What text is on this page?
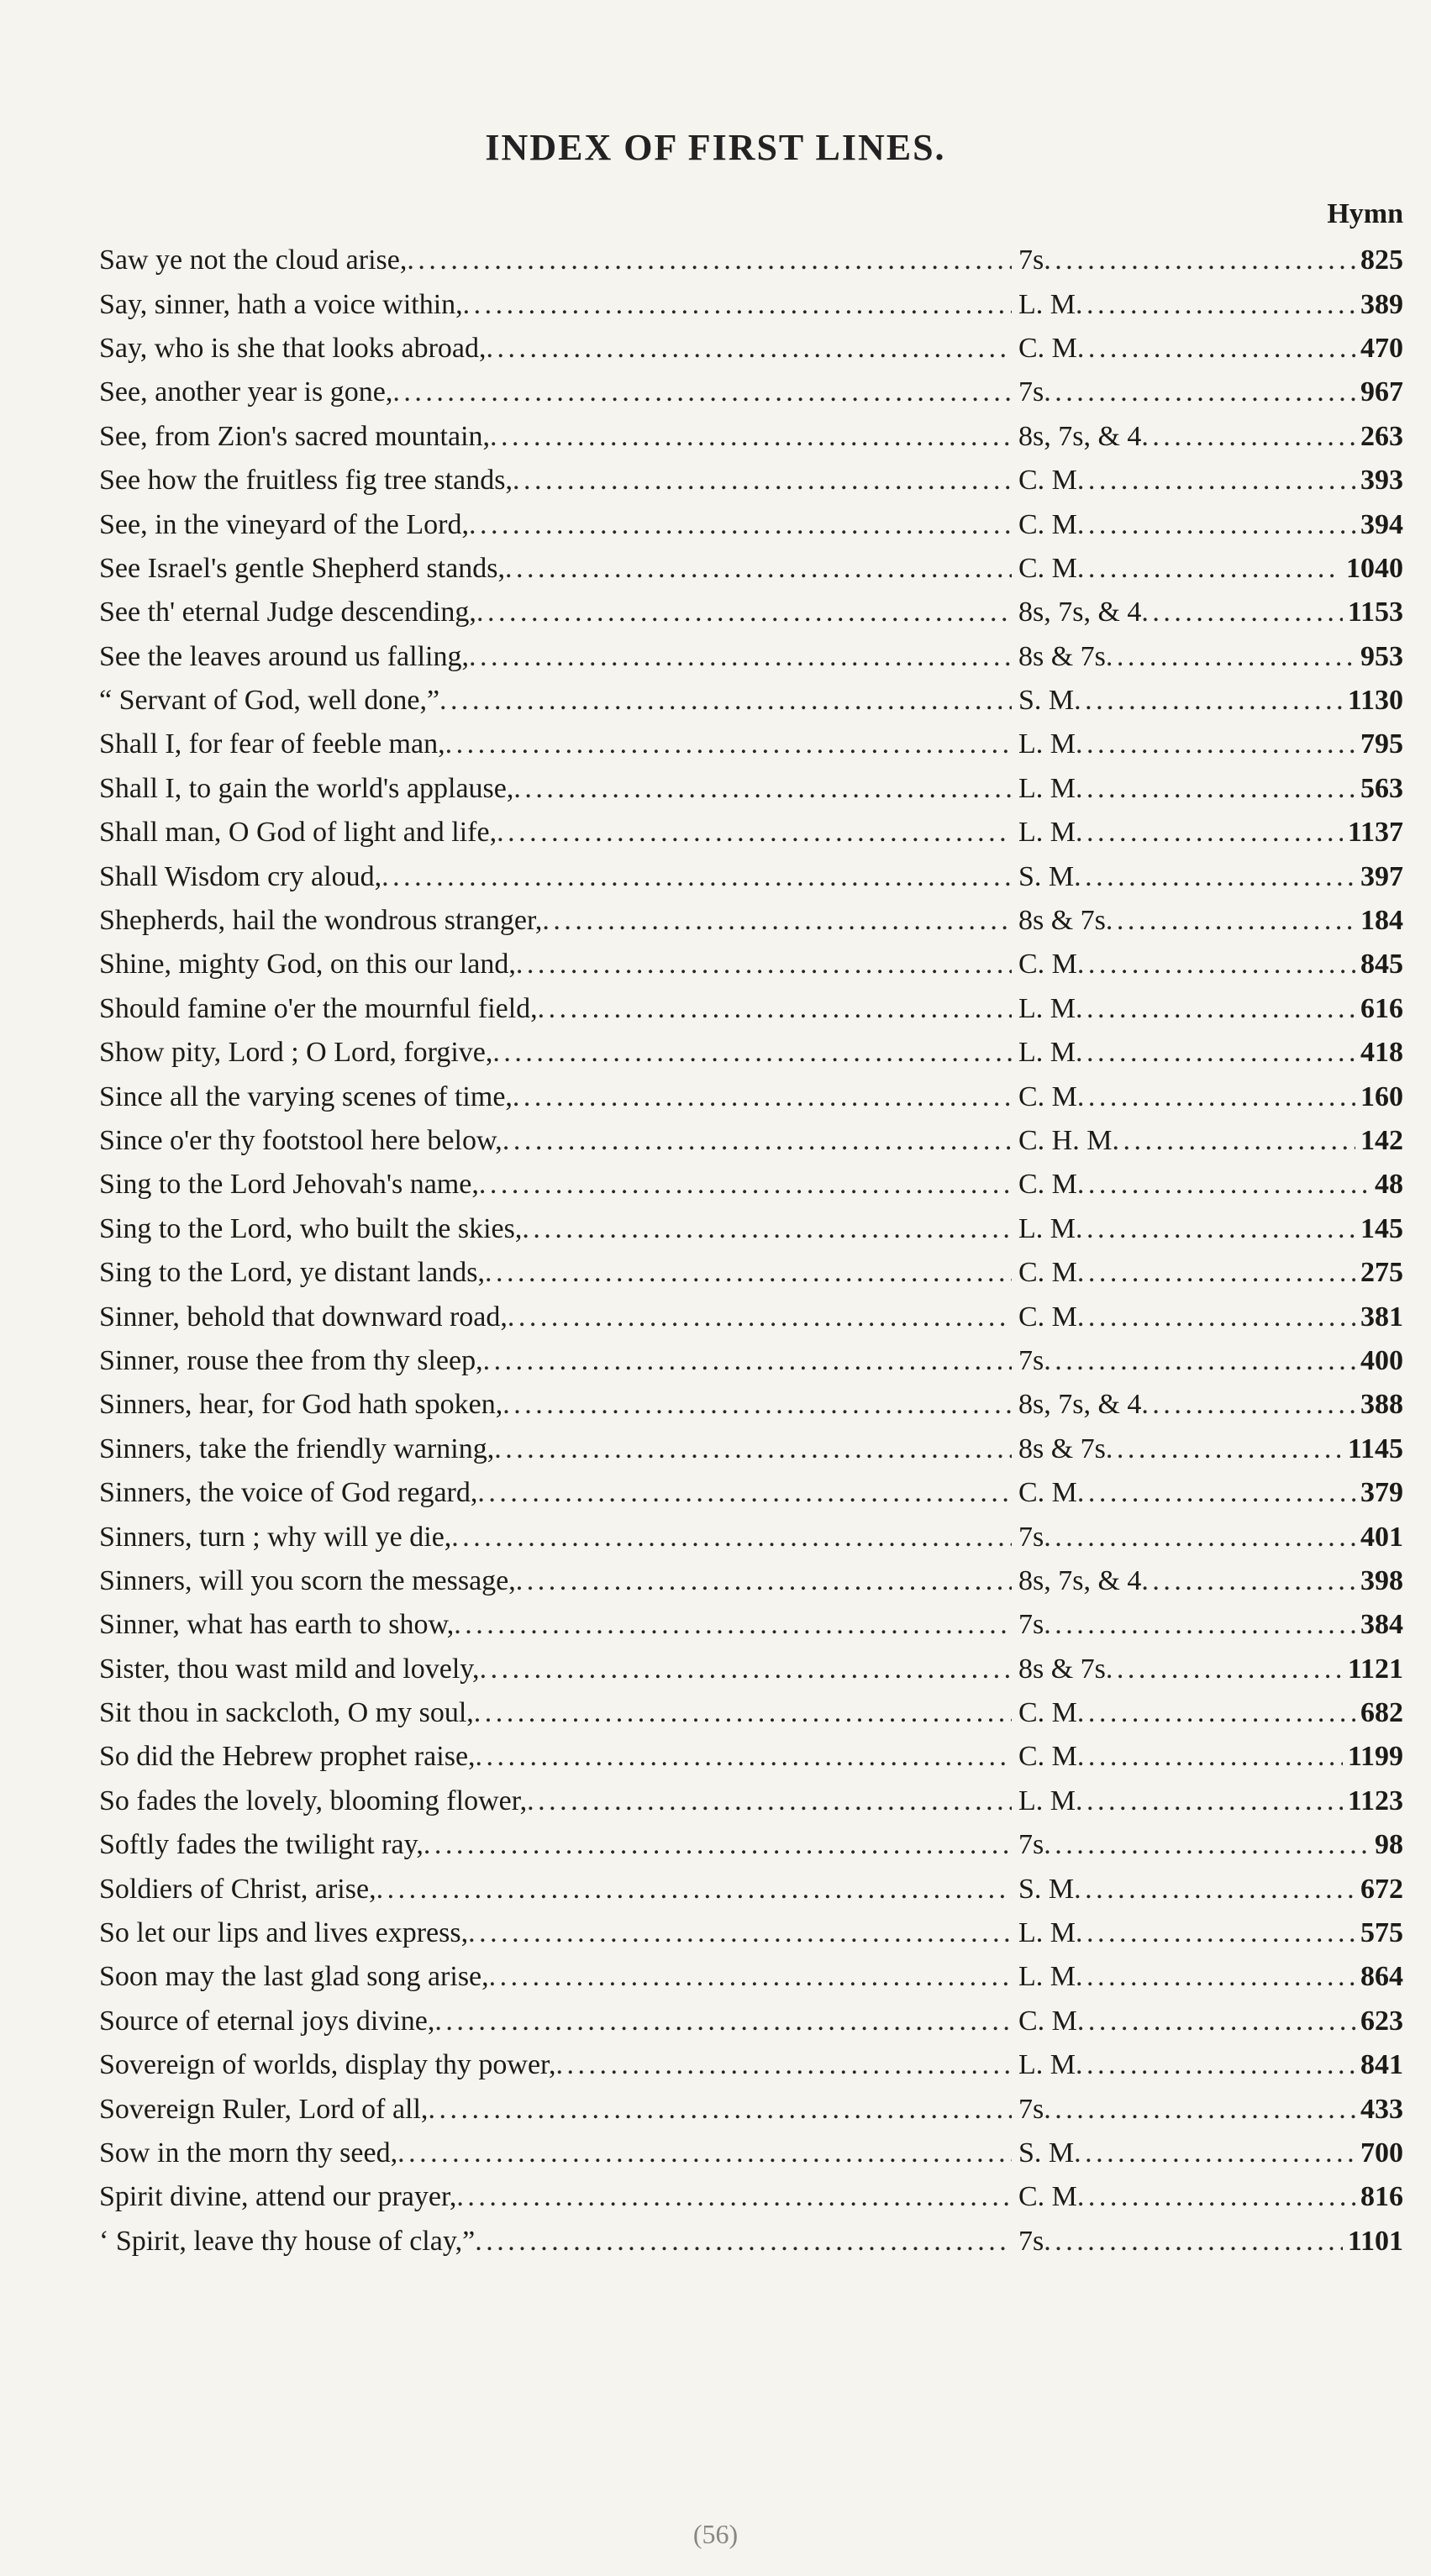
INDEX OF FIRST LINES.
Hymn
Saw ye not the cloud arise, . . .	7s . . .	825
Say, sinner, hath a voice within, . . .	L. M . . .	389
Say, who is she that looks abroad, . . .	C. M . . .	470
See, another year is gone, . . .	7s . . .	967
See, from Zion's sacred mountain, . . .	8s, 7s, & 4 . . .	263
See how the fruitless fig tree stands, . . .	C. M . . .	393
See, in the vineyard of the Lord, . . .	C. M . . .	394
See Israel's gentle Shepherd stands, . . .	C. M . . .	1040
See th' eternal Judge descending, . . .	8s, 7s, & 4 . . .	1153
See the leaves around us falling, . . .	8s & 7s . . .	953
“ Servant of God, well done,” . . .	S. M . . .	1130
Shall I, for fear of feeble man, . . .	L. M . . .	795
Shall I, to gain the world's applause, . . .	L. M . . .	563
Shall man, O God of light and life, . . .	L. M . . .	1137
Shall Wisdom cry aloud, . . .	S. M . . .	397
Shepherds, hail the wondrous stranger, . . .	8s & 7s . . .	184
Shine, mighty God, on this our land, . . .	C. M . . .	845
Should famine o'er the mournful field, . . .	L. M . . .	616
Show pity, Lord ; O Lord, forgive, . . .	L. M . . .	418
Since all the varying scenes of time, . . .	C. M . . .	160
Since o'er thy footstool here below, . . .	C. H. M . . .	142
Sing to the Lord Jehovah's name, . . .	C. M . . .	48
Sing to the Lord, who built the skies, . . .	L. M . . .	145
Sing to the Lord, ye distant lands, . . .	C. M . . .	275
Sinner, behold that downward road, . . .	C. M . . .	381
Sinner, rouse thee from thy sleep, . . .	7s . . .	400
Sinners, hear, for God hath spoken, . . .	8s, 7s, & 4 . . .	388
Sinners, take the friendly warning, . . .	8s & 7s . . .	1145
Sinners, the voice of God regard, . . .	C. M . . .	379
Sinners, turn ; why will ye die, . . .	7s . . .	401
Sinners, will you scorn the message, . . .	8s, 7s, & 4 . . .	398
Sinner, what has earth to show, . . .	7s . . .	384
Sister, thou wast mild and lovely, . . .	8s & 7s . . .	1121
Sit thou in sackcloth, O my soul, . . .	C. M . . .	682
So did the Hebrew prophet raise, . . .	C. M . . .	1199
So fades the lovely, blooming flower, . . .	L. M . . .	1123
Softly fades the twilight ray, . . .	7s . . .	98
Soldiers of Christ, arise, . . .	S. M . . .	672
So let our lips and lives express, . . .	L. M . . .	575
Soon may the last glad song arise, . . .	L. M . . .	864
Source of eternal joys divine, . . .	C. M . . .	623
Sovereign of worlds, display thy power, . . .	L. M . . .	841
Sovereign Ruler, Lord of all, . . .	7s . . .	433
Sow in the morn thy seed, . . .	S. M . . .	700
Spirit divine, attend our prayer, . . .	C. M . . .	816
‘ Spirit, leave thy house of clay,” . . .	7s . . .	1101
(56)
